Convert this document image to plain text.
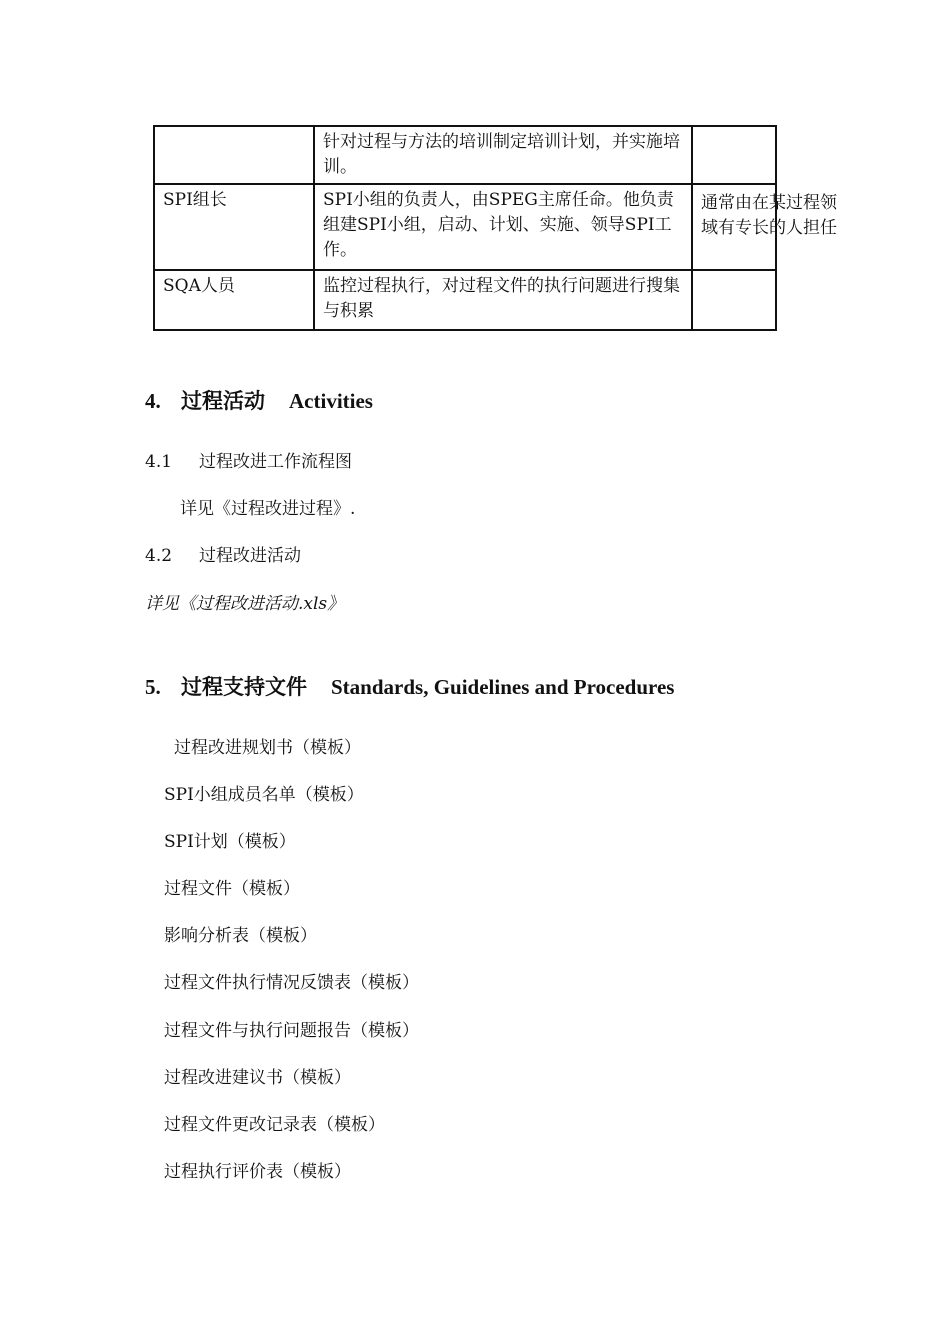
	针对过程与方法的培训制定培训计划，并实施培训。	
SPI组长	SPI小组的负责人，由SPEG主席任命。他负责组建SPI小组，启动、计划、实施、领导SPI工作。	通常由在某过程领域有专长的人担任

SQA人员	监控过程执行，对过程文件的执行问题进行搜集与积累	
4. 过程活动 Activities
4.1 过程改进工作流程图
详见《过程改进过程》.
4.2 过程改进活动
详见《过程改进活动.xls》
5. 过程支持文件 Standards, Guidelines and Procedures
过程改进规划书（模板）
SPI小组成员名单（模板）
SPI计划（模板）
过程文件（模板）
影响分析表（模板）
过程文件执行情况反馈表（模板）
过程文件与执行问题报告（模板）
过程改进建议书（模板）
过程文件更改记录表（模板）
过程执行评价表（模板）
